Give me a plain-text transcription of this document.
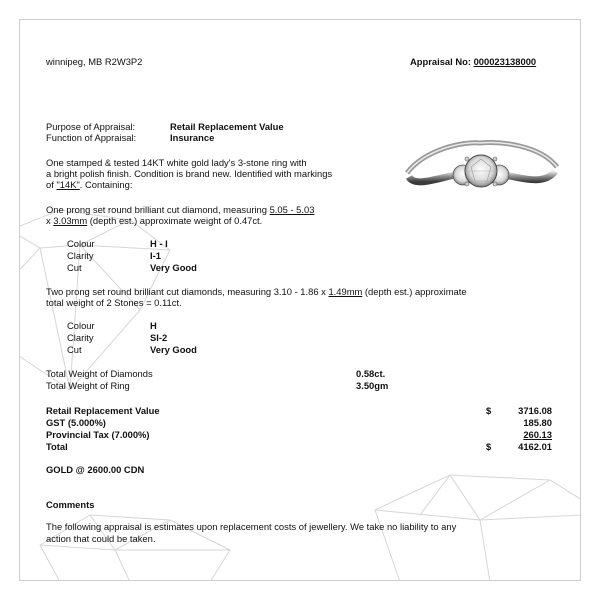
winnipeg, MB R2W3P2	Appraisal No: 000023138000
Purpose of Appraisal:	Retail Replacement Value
Function of Appraisal:	Insurance
One stamped & tested 14KT white gold lady's 3-stone ring with
a bright polish finish. Condition is brand new. Identified with markings
of "14K". Containing:
One prong set round brilliant cut diamond, measuring 5.05 - 5.03
x 3.03mm (depth est.) approximate weight of 0.47ct.
Colour	H - I
Clarity	I-1
Cut	Very Good
Two prong set round brilliant cut diamonds, measuring 3.10 - 1.86 x 1.49mm (depth est.) approximate
total weight of 2 Stones = 0.11ct.
Colour	H
Clarity	SI-2
Cut	Very Good
Total Weight of Diamonds	0.58ct.
Total Weight of Ring	3.50gm
Retail Replacement Value	$	3716.08
GST (5.000%)	185.80
Provincial Tax (7.000%)	260.13
Total	$	4162.01
GOLD @ 2600.00 CDN
Comments
The following appraisal is estimates upon replacement costs of jewellery. We take no liability to any
action that could be taken.
